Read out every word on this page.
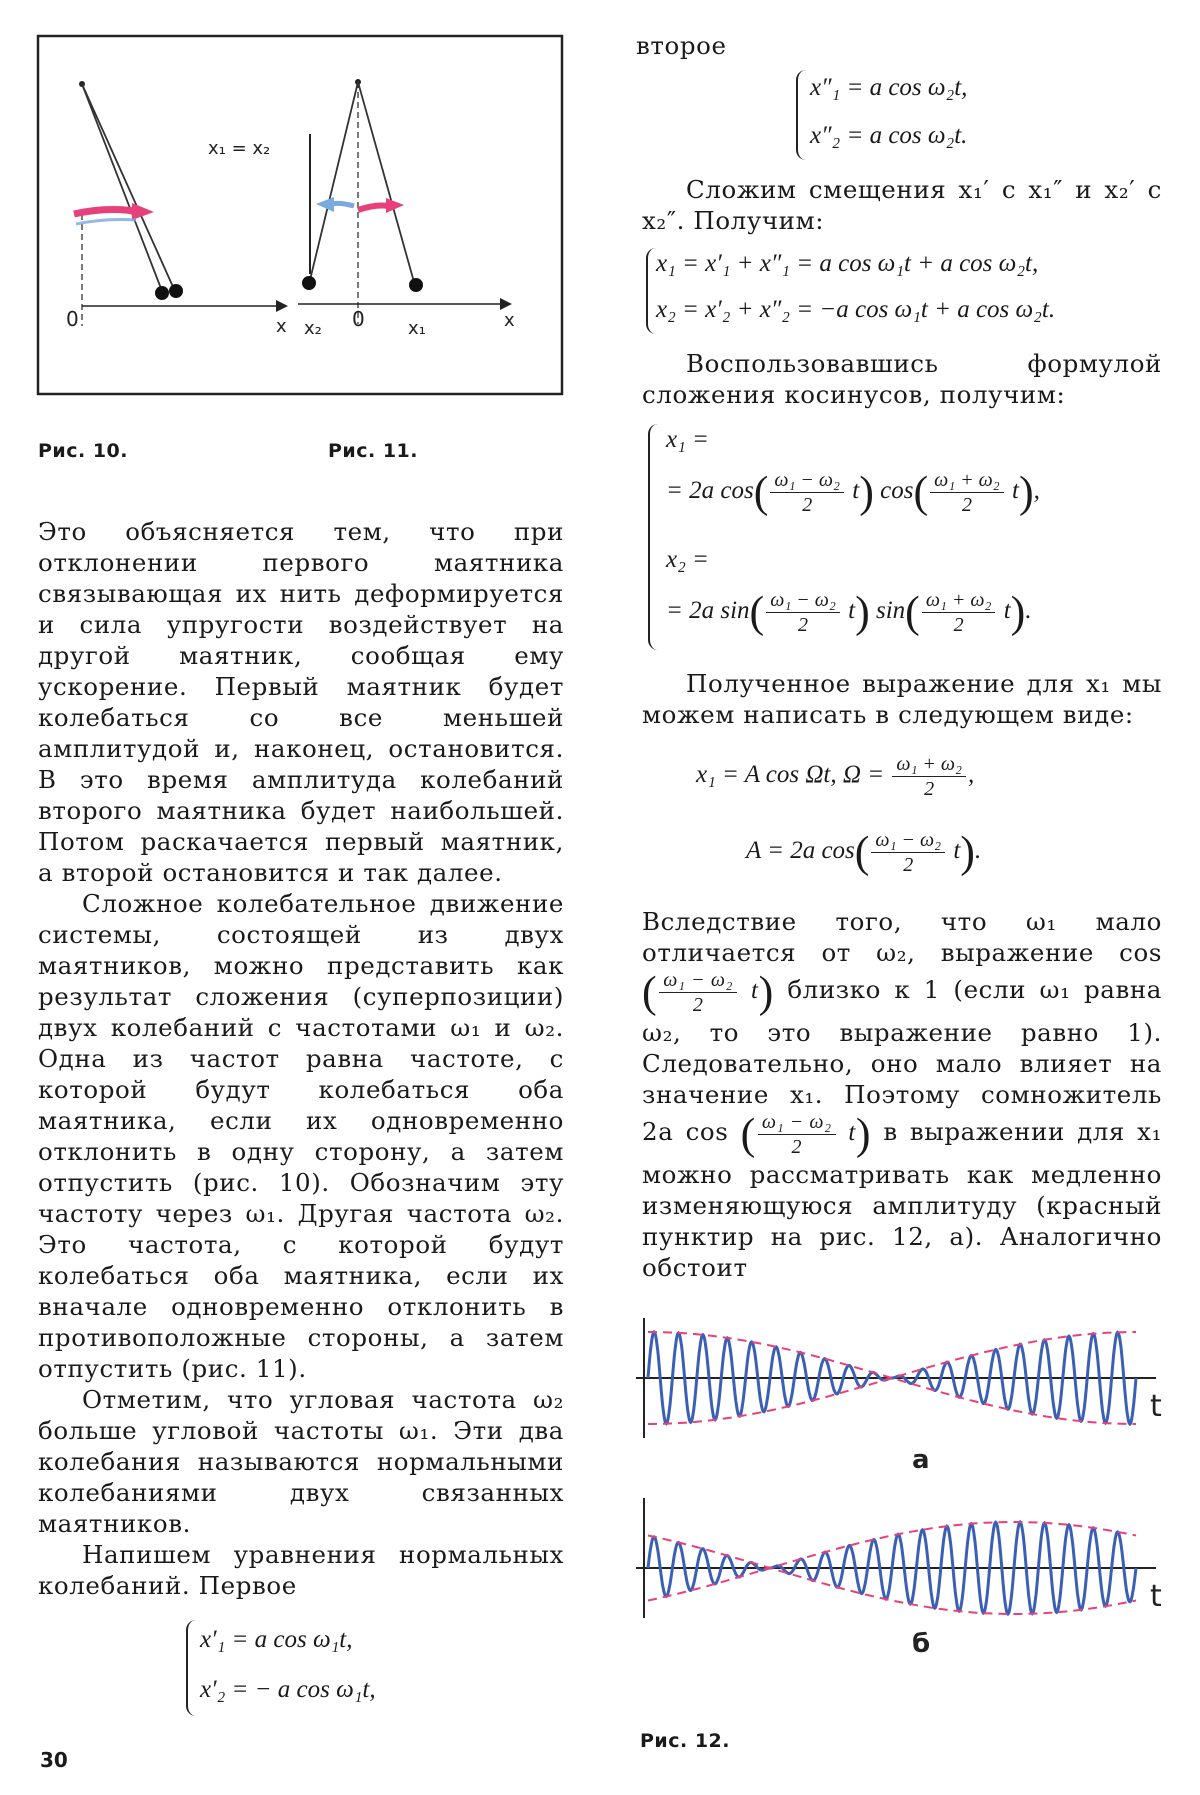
x₁ = x₂
0	x x₂ 0 x₁	x
Рис. 10.	Рис. 11.

Это объясняется тем, что при отклонении первого маятника связывающая их нить деформируется и сила упругости воздействует на другой маятник, сообщая ему ускорение. Первый маятник будет колебаться со все меньшей амплитудой и, наконец, остановится. В это время амплитуда колебаний второго маятника будет наибольшей. Потом раскачается первый маятник, а второй остановится и так далее.

Сложное колебательное движение системы, состоящей из двух маятников, можно представить как результат сложения (суперпозиции) двух колебаний с частотами ω₁ и ω₂. Одна из частот равна частоте, с которой будут колебаться оба маятника, если их одновременно отклонить в одну сторону, а затем отпустить (рис. 10). Обозначим эту частоту через ω₁. Другая частота ω₂. Это частота, с которой будут колебаться оба маятника, если их вначале одновременно отклонить в противоположные стороны, а затем отпустить (рис. 11).

Отметим, что угловая частота ω₂ больше угловой частоты ω₁. Эти два колебания называются нормальными колебаниями двух связанных маятников.

Напишем уравнения нормальных колебаний. Первое

x′₁ = a cos ω₁t,
x′₂ = − a cos ω₁t,
30
второе
x″₁ = a cos ω₂t,
x″₂ = a cos ω₂t.

Сложим смещения x₁′ с x₁″ и x₂′ с x₂″. Получим:

x₁ = x′₁ + x″₁ = a cos ω₁t + a cos ω₂t,
x₂ = x′₂ + x″₂ = −a cos ω₁t + a cos ω₂t.

Воспользовавшись формулой сложения косинусов, получим:

x₁ =
= 2a $\cos( \frac{\text{ω₁ − ω₂}}{2} t)$ $\cos( \frac{\text{ω₁ + ω₂}}{2} t)$,
x₂ =
= 2a $\sin( \frac{\text{ω₁ − ω₂}}{2} t)$ $\sin( \frac{\text{ω₁ + ω₂}}{2} t)$.

Полученное выражение для x₁ мы можем написать в следующем виде:

x₁ = A cos Ωt, $\Omega = \frac{\text{ω₁ + ω₂}}{2}$ ,
A = 2a $\cos( \frac{\text{ω₁ − ω₂}}{2} t)$.

Вследствие того, что ω₁ мало отличается от ω₂, выражение cos ( $\frac{\text{ω₁ − ω₂}}{2} t$) близко к 1 (если ω₁ равна ω₂, то это выражение равно 1). Следовательно, оно мало влияет на значение x₁. Поэтому сомножитель 2a cos ( $\frac{\text{ω₁ − ω₂}}{2} t$) в выражении для x₁ можно рассматривать как медленно изменяющуюся амплитуду (красный пунктир на рис. 12, a). Аналогично обстоит

t
а
t
б
Рис. 12.
